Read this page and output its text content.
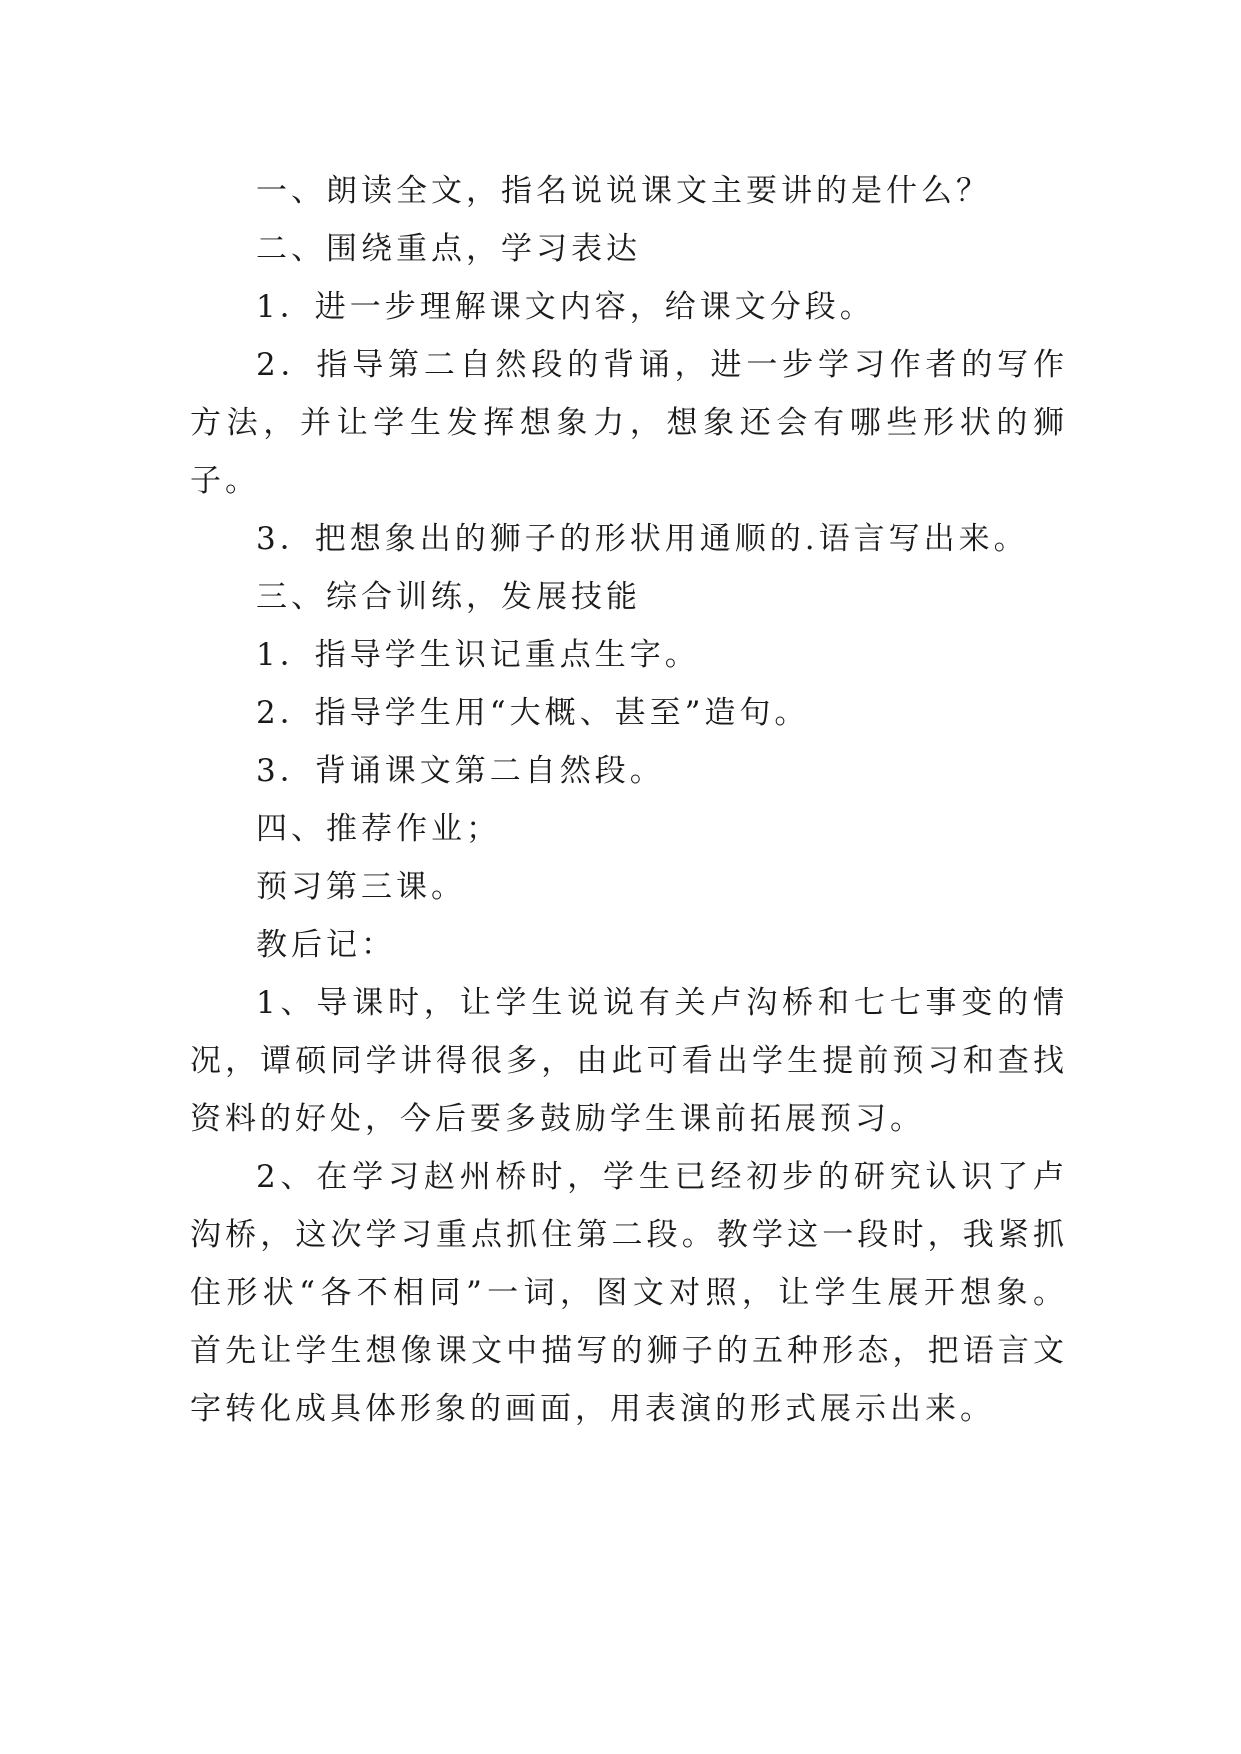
一、朗读全文，指名说说课文主要讲的是什么？

二、围绕重点，学习表达

1．进一步理解课文内容，给课文分段。

2．指导第二自然段的背诵，进一步学习作者的写作方法，并让学生发挥想象力，想象还会有哪些形状的狮子。

3．把想象出的狮子的形状用通顺的.语言写出来。

三、综合训练，发展技能

1．指导学生识记重点生字。

2．指导学生用“大概、甚至”造句。

3．背诵课文第二自然段。

四、推荐作业；

预习第三课。

教后记：

1、导课时，让学生说说有关卢沟桥和七七事变的情况，谭硕同学讲得很多，由此可看出学生提前预习和查找资料的好处，今后要多鼓励学生课前拓展预习。

2、在学习赵州桥时，学生已经初步的研究认识了卢沟桥，这次学习重点抓住第二段。教学这一段时，我紧抓住形状“各不相同”一词，图文对照，让学生展开想象。首先让学生想像课文中描写的狮子的五种形态，把语言文字转化成具体形象的画面，用表演的形式展示出来。
